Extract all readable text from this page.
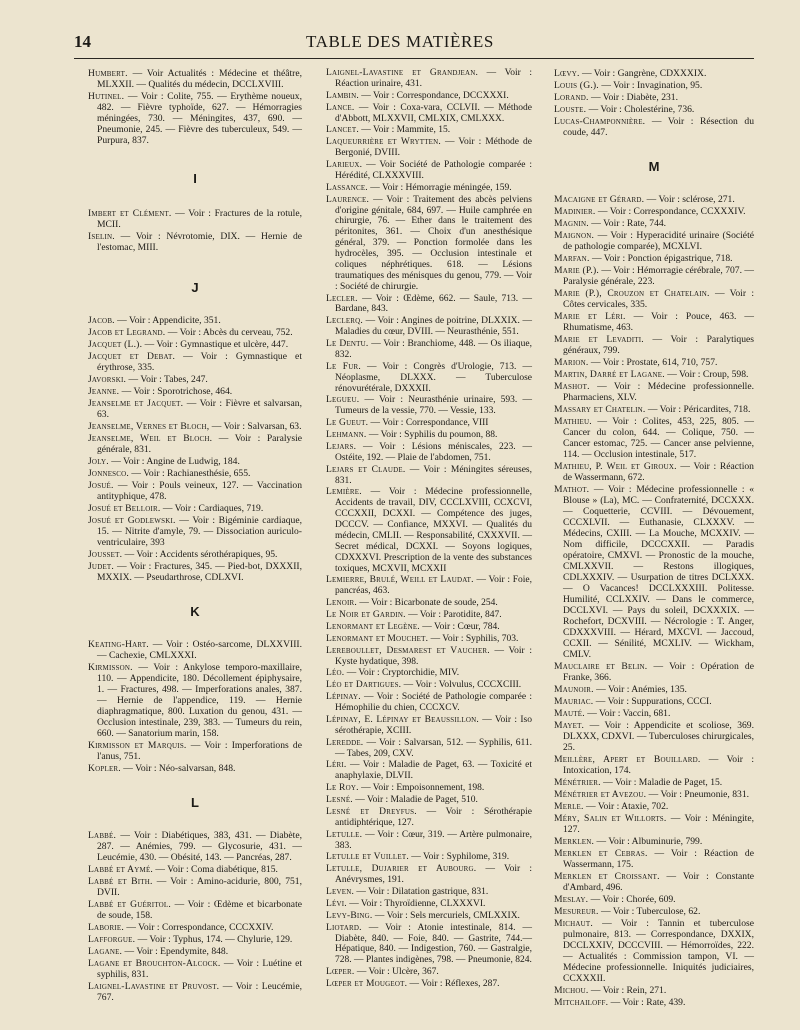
14	TABLE DES MATIÈRES
Humbert. — Voir Actualités : Médecine et théâtre, MLXXII. — Qualités du médecin, DCCLXVIII.
Hutinel. — Voir : Colite, 755. — Erythème noueux, 482. — Fièvre typhoïde, 627. — Hémorragies méningées, 730. — Méningites, 437, 690. — Pneumonie, 245. — Fièvre des tuberculeux, 549. — Purpura, 837.
I
Imbert et Clément. — Voir : Fractures de la rotule, MCII.
Iselin. — Voir : Névrotomie, DIX. — Hernie de l'estomac, MIII.
J
Jacob. — Voir : Appendicite, 351.
Jacob et Legrand. — Voir : Abcès du cerveau, 752.
Jacquet (L.). — Voir : Gymnastique et ulcère, 447.
Jacquet et Debat. — Voir : Gymnastique et érythrose, 335.
Javorski. — Voir : Tabes, 247.
Jeanne. — Voir : Sporotrichose, 464.
Jeanselme et Jacquet. — Voir : Fièvre et salvarsan, 63.
Jeanselme, Vernes et Bloch, — Voir : Salvarsan, 63.
Jeanselme, Weil et Bloch. — Voir : Paralysie générale, 831.
Joly. — Voir : Angine de Ludwig, 184.
Jonnesco. — Voir : Rachianesthésie, 655.
Josué. — Voir : Pouls veineux, 127. — Vaccination antityphique, 478.
Josué et Belloir. — Voir : Cardiaques, 719.
Josué et Godlewski. — Voir : Bigéminie cardiaque, 15. — Nitrite d'amyle, 79. — Dissociation auriculo-ventriculaire, 393
Jousset. — Voir : Accidents sérothérapiques, 95.
Judet. — Voir : Fractures, 345. — Pied-bot, DXXXII, MXXIX. — Pseudarthrose, CDLXVI.
K
Keating-Hart. — Voir : Ostéo-sarcome, DLXXVIII. — Cachexie, CMLXXXI.
Kirmisson. — Voir : Ankylose temporo-maxillaire, 110. — Appendicite, 180. Décollement épiphysaire, 1. — Fractures, 498. — Imperforations anales, 387. — Hernie de l'appendice, 119. — Hernie diaphragmatique, 800. Luxation du genou, 431. — Occlusion intestinale, 239, 383. — Tumeurs du rein, 660. — Sanatorium marin, 158.
Kirmisson et Marquis. — Voir : Imperforations de l'anus, 751.
Kopler. — Voir : Néo-salvarsan, 848.
L
Labbé. — Voir : Diabétiques, 383, 431. — Diabète, 287. — Anémies, 799. — Glycosurie, 431. — Leucémie, 430. — Obésité, 143. — Pancréas, 287.
Labbé et Aymé. — Voir : Coma diabétique, 815.
Labbé et Bith. — Voir : Amino-acidurie, 800, 751, DVII.
Labbé et Guéritol. — Voir : Œdème et bicarbonate de soude, 158.
Laborie. — Voir : Correspondance, CCCXXIV.
Lafforgue. — Voir : Typhus, 174. — Chylurie, 129.
Lagane. — Voir : Ependymite, 848.
Lagane et Brouchton-Alcock. — Voir : Luétine et syphilis, 831.
Laignel-Lavastine et Pruvost. — Voir : Leucémie, 767.
Laignel-Lavastine et Grandjean. — Voir : Réaction urinaire, 431.
Lambin. — Voir : Correspondance, DCCXXXI.
Lance. — Voir : Coxa-vara, CCLVII. — Méthode d'Abbott, MLXXVII, CMLXIX, CMLXXX.
Lancet. — Voir : Mammite, 15.
Laqueurrière et Wrytten. — Voir : Méthode de Bergonié, DVIII.
Larieux. — Voir Société de Pathologie comparée : Hérédité, CLXXXVIII.
Lassance. — Voir : Hémorragie méningée, 159.
Laurence. — Voir : Traitement des abcès pelviens d'origine génitale, 684, 697. — Huile camphrée en chirurgie, 76. — Ether dans le traitement des péritonites, 361. — Choix d'un anesthésique général, 379. — Ponction formolée dans les hydrocèles, 395. — Occlusion intestinale et coliques néphrétiques. 618. — Lésions traumatiques des ménisques du genou, 779. — Voir : Société de chirurgie.
Lecler. — Voir : Œdème, 662. — Saule, 713. — Bardane, 843.
Leclerq. — Voir : Angines de poitrine, DLXXIX. — Maladies du cœur, DVIII. — Neurasthénie, 551.
Le Dentu. — Voir : Branchiome, 448. — Os iliaque, 832.
Le Fur. — Voir : Congrès d'Urologie, 713. — Néoplasme, DLXXX. — Tuberculose rénovurétérale, DXXXII.
Legueu. — Voir : Neurasthénie urinaire, 593. — Tumeurs de la vessie, 770. — Vessie, 133.
Le Gueut. — Voir : Correspondance, VIII
Lehmann. — Voir : Syphilis du poumon, 88.
Lejars. — Voir : Lésions méniscales, 223. — Ostéite, 192. — Plaie de l'abdomen, 751.
Lejars et Claude. — Voir : Méningites séreuses, 831.
Lemière. — Voir : Médecine professionnelle, Accidents de travail, DIV, CCCLXVIII, CCXCVI, CCCXXII, DCXXI. — Compétence des juges, DCCCV. — Confiance, MXXVI. — Qualités du médecin, CMLII. — Responsabilité, CXXXVII. — Secret médical, DCXXI. — Soyons logiques, CDXXXVI. Prescription de la vente des substances toxiques, MCXVII, MCXXII
Lemierre, Brulé, Weill et Laudat. — Voir : Foie, pancréas, 463.
Lenoir. — Voir : Bicarbonate de soude, 254.
Le Noir et Gardin. — Voir : Parotidite, 847.
Lenormant et Legène. — Voir : Cœur, 784.
Lenormant et Mouchet. — Voir : Syphilis, 703.
Lereboullet, Desmarest et Vaucher. — Voir : Kyste hydatique, 398.
Léo. — Voir : Cryptorchidie, MIV.
Léo et Dartigues. — Voir : Volvulus, CCCXCIII.
Lépinay. — Voir : Société de Pathologie comparée : Hémophilie du chien, CCCXCV.
Lépinay, E. Lépinay et Beaussillon. — Voir : Iso sérothérapie, XCIII.
Leredde. — Voir : Salvarsan, 512. — Syphilis, 611. — Tabes, 209, CXV.
Léri. — Voir : Maladie de Paget, 63. — Toxicité et anaphylaxie, DLVII.
Le Roy. — Voir : Empoisonnement, 198.
Lesné. — Voir : Maladie de Paget, 510.
Lesné et Dreyfus. — Voir : Sérothérapie antidiphtérique, 127.
Letulle. — Voir : Cœur, 319. — Artère pulmonaire, 383.
Letulle et Vuillet. — Voir : Syphilome, 319.
Letulle, Dujarier et Aubourg. — Voir : Anévrysmes, 191.
Leven. — Voir : Dilatation gastrique, 831.
Lévi. — Voir : Thyroïdienne, CLXXXVI.
Levy-Bing. — Voir : Sels mercuriels, CMLXXIX.
Liotard. — Voir : Atonie intestinale, 814. — Diabète, 840. — Foie, 840. — Gastrite, 744.— Hépatique, 840. — Indigestion, 760. — Gastralgie, 728. — Plantes indigènes, 798. — Pneumonie, 824.
Lœper. — Voir : Ulcère, 367.
Lœper et Mougeot. — Voir : Réflexes, 287.
Lœvy. — Voir : Gangrène, CDXXXIX.
Louis (G.). — Voir : Invagination, 95.
Lorand. — Voir : Diabète, 231.
Louste. — Voir : Cholestérine, 736.
Lucas-Champonnière. — Voir : Résection du coude, 447.
M
Macaigne et Gérard. — Voir : sclérose, 271.
Madinier. — Voir : Correspondance, CCXXXIV.
Magnin. — Voir : Rate, 744.
Maignon. — Voir : Hyperacidité urinaire (Société de pathologie comparée), MCXLVI.
Marfan. — Voir : Ponction épigastrique, 718.
Marie (P.). — Voir : Hémorragie cérébrale, 707. — Paralysie générale, 223.
Marie (P.), Crouzon et Chatelain. — Voir : Côtes cervicales, 335.
Marie et Léri. — Voir : Pouce, 463. — Rhumatisme, 463.
Marie et Levaditi. — Voir : Paralytiques généraux, 799.
Marion. — Voir : Prostate, 614, 710, 757.
Martin, Darré et Lagane. — Voir : Croup, 598.
Mashot. — Voir : Médecine professionnelle. Pharmaciens, XLV.
Massary et Chatelin. — Voir : Péricardites, 718.
Mathieu. — Voir : Colites, 453, 225, 805. — Cancer du colon, 644. — Colique, 750. — Cancer estomac, 725. — Cancer anse pelvienne, 114. — Occlusion intestinale, 517.
Mathieu, P. Weil et Giroux. — Voir : Réaction de Wassermann, 672.
Mathot. — Voir : Médecine professionnelle : « Blouse » (La), MC. — Confraternité, DCCXXX. — Coquetterie, CCVIII. — Dévouement, CCCXLVII. — Euthanasie, CLXXXV. — Médecins, CXIII. — La Mouche, MCXXIV. — Nom difficile, DCCCXXII. — Paradis opératoire, CMXVI. — Pronostic de la mouche, CMLXXVII. — Restons illogiques, CDLXXXIV. — Usurpation de titres DCLXXX. — O Vacances! DCCLXXXIII. Politesse. Humilité, CCLXXIV. — Dans le commerce, DCCLXVI. — Pays du soleil, DCXXXIX. — Rochefort, DCXVIII. — Nécrologie : T. Anger, CDXXXVIII. — Hérard, MXCVI. — Jaccoud, CCXII. — Sénilité, MCXLIV. — Wickham, CMLV.
Mauclaire et Belin. — Voir : Opération de Franke, 366.
Maunoir. — Voir : Anémies, 135.
Mauriac. — Voir : Suppurations, CCCI.
Mauté. — Voir : Vaccin, 681.
Mayet. — Voir : Appendicite et scoliose, 369. DLXXX, CDXVI. — Tuberculoses chirurgicales, 25.
Meillère, Apert et Bouillard. — Voir : Intoxication, 174.
Ménétrier. — Voir : Maladie de Paget, 15.
Ménétrier et Avezou. — Voir : Pneumonie, 831.
Merle. — Voir : Ataxie, 702.
Méry, Salin et Willorts. — Voir : Méningite, 127.
Merklen. — Voir : Albuminurie, 799.
Merklen et Cebras. — Voir : Réaction de Wassermann, 175.
Merklen et Croissant. — Voir : Constante d'Ambard, 496.
Meslay. — Voir : Chorée, 609.
Mesureur. — Voir : Tuberculose, 62.
Michaut. — Voir : Tannin et tuberculose pulmonaire, 813. — Correspondance, DXXIX, DCCLXXIV, DCCCVIII. — Hémorroïdes, 222. — Actualités : Commission tampon, VI. — Médecine professionnelle. Iniquités judiciaires, CCXXXII.
Michou. — Voir : Rein, 271.
Mitchailoff. — Voir : Rate, 439.
